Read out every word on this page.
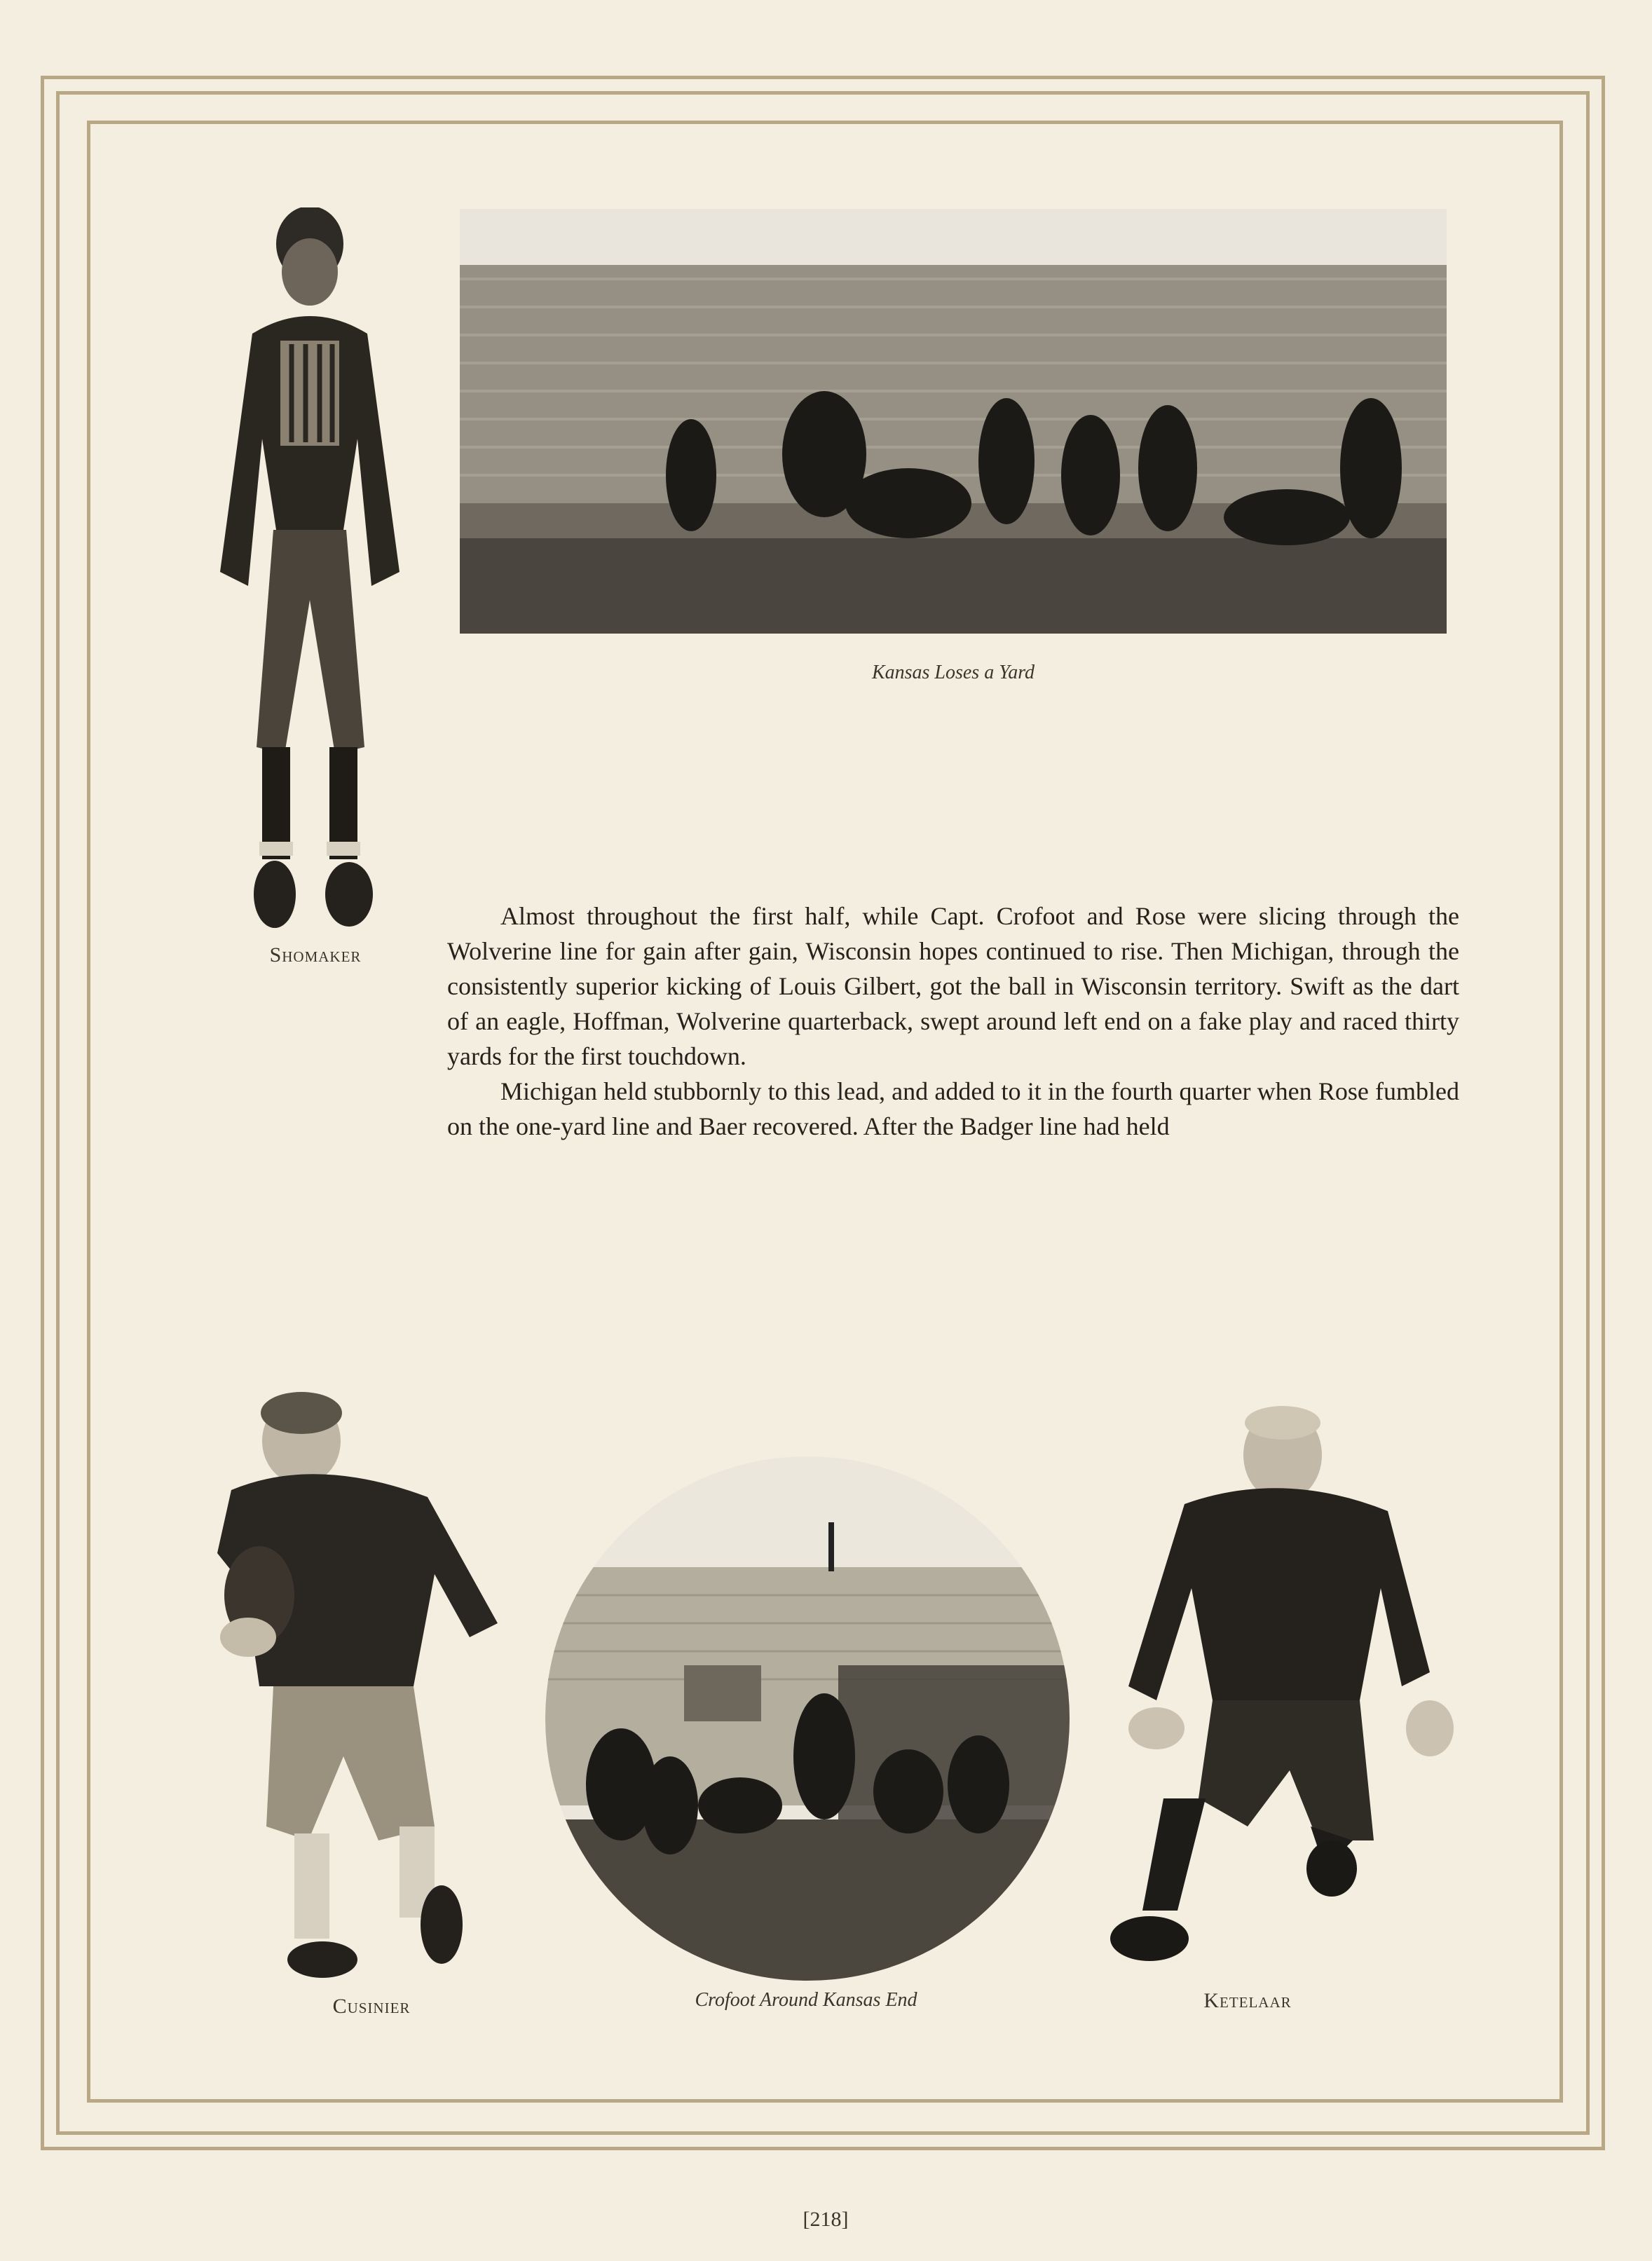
Shomaker
Kansas Loses a Yard

Almost throughout the first half, while Capt. Crofoot and Rose were slicing through the Wolverine line for gain after gain, Wisconsin hopes continued to rise. Then Michigan, through the consistently superior kicking of Louis Gilbert, got the ball in Wisconsin territory. Swift as the dart of an eagle, Hoffman, Wolverine quarterback, swept around left end on a fake play and raced thirty yards for the first touchdown.

Michigan held stubbornly to this lead, and added to it in the fourth quarter when Rose fumbled on the one-yard line and Baer recovered. After the Badger line had held

Cusinier	Crofoot Around Kansas End	Ketelaar
[218]
